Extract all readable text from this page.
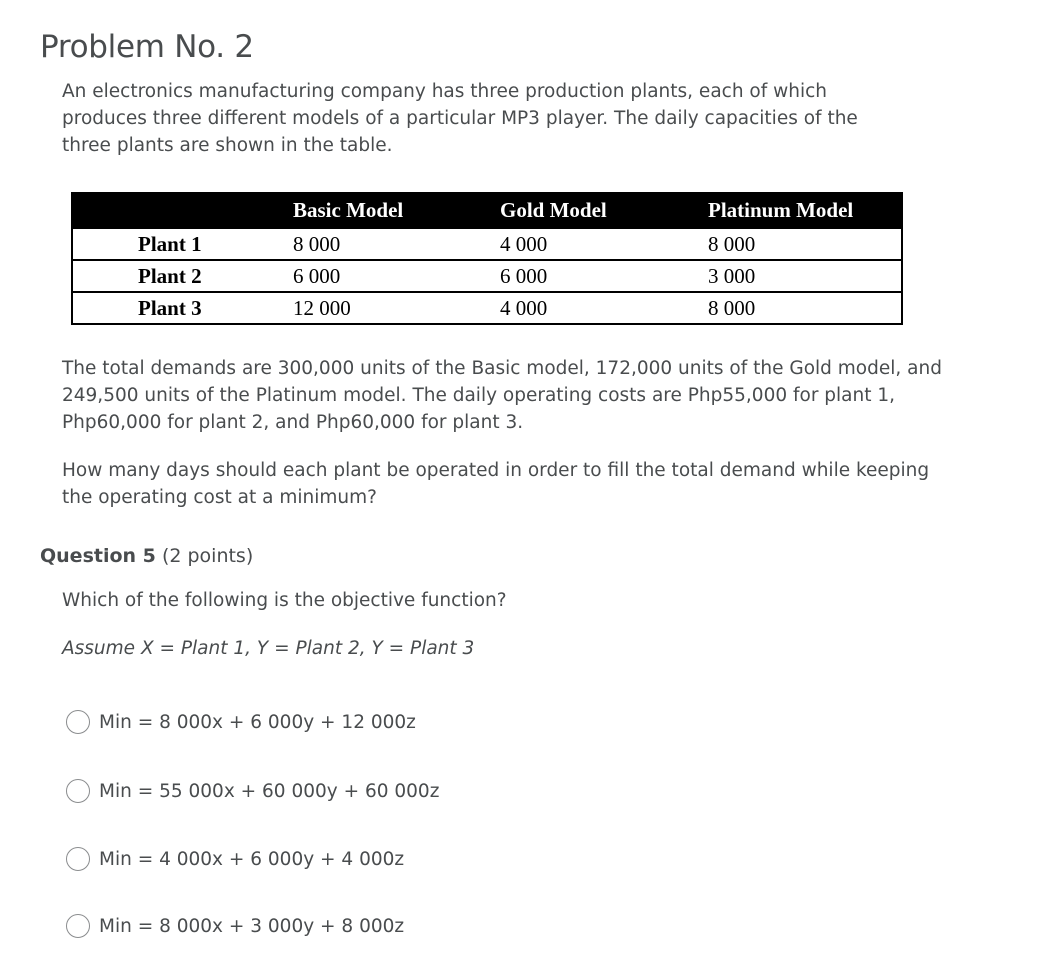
Problem No. 2

An electronics manufacturing company has three production plants, each of which produces three different models of a particular MP3 player. The daily capacities of the three plants are shown in the table.

	Basic Model	Gold Model	Platinum Model
Plant 1	8 000	4 000	8 000
Plant 2	6 000	6 000	3 000
Plant 3	12 000	4 000	8 000

The total demands are 300,000 units of the Basic model, 172,000 units of the Gold model, and 249,500 units of the Platinum model. The daily operating costs are Php55,000 for plant 1, Php60,000 for plant 2, and Php60,000 for plant 3.

How many days should each plant be operated in order to fill the total demand while keeping the operating cost at a minimum?

Question 5 (2 points)
Which of the following is the objective function?
Assume X = Plant 1, Y = Plant 2, Y = Plant 3
Min = 8 000x + 6 000y + 12 000z
Min = 55 000x + 60 000y + 60 000z
Min = 4 000x + 6 000y + 4 000z
Min = 8 000x + 3 000y + 8 000z
